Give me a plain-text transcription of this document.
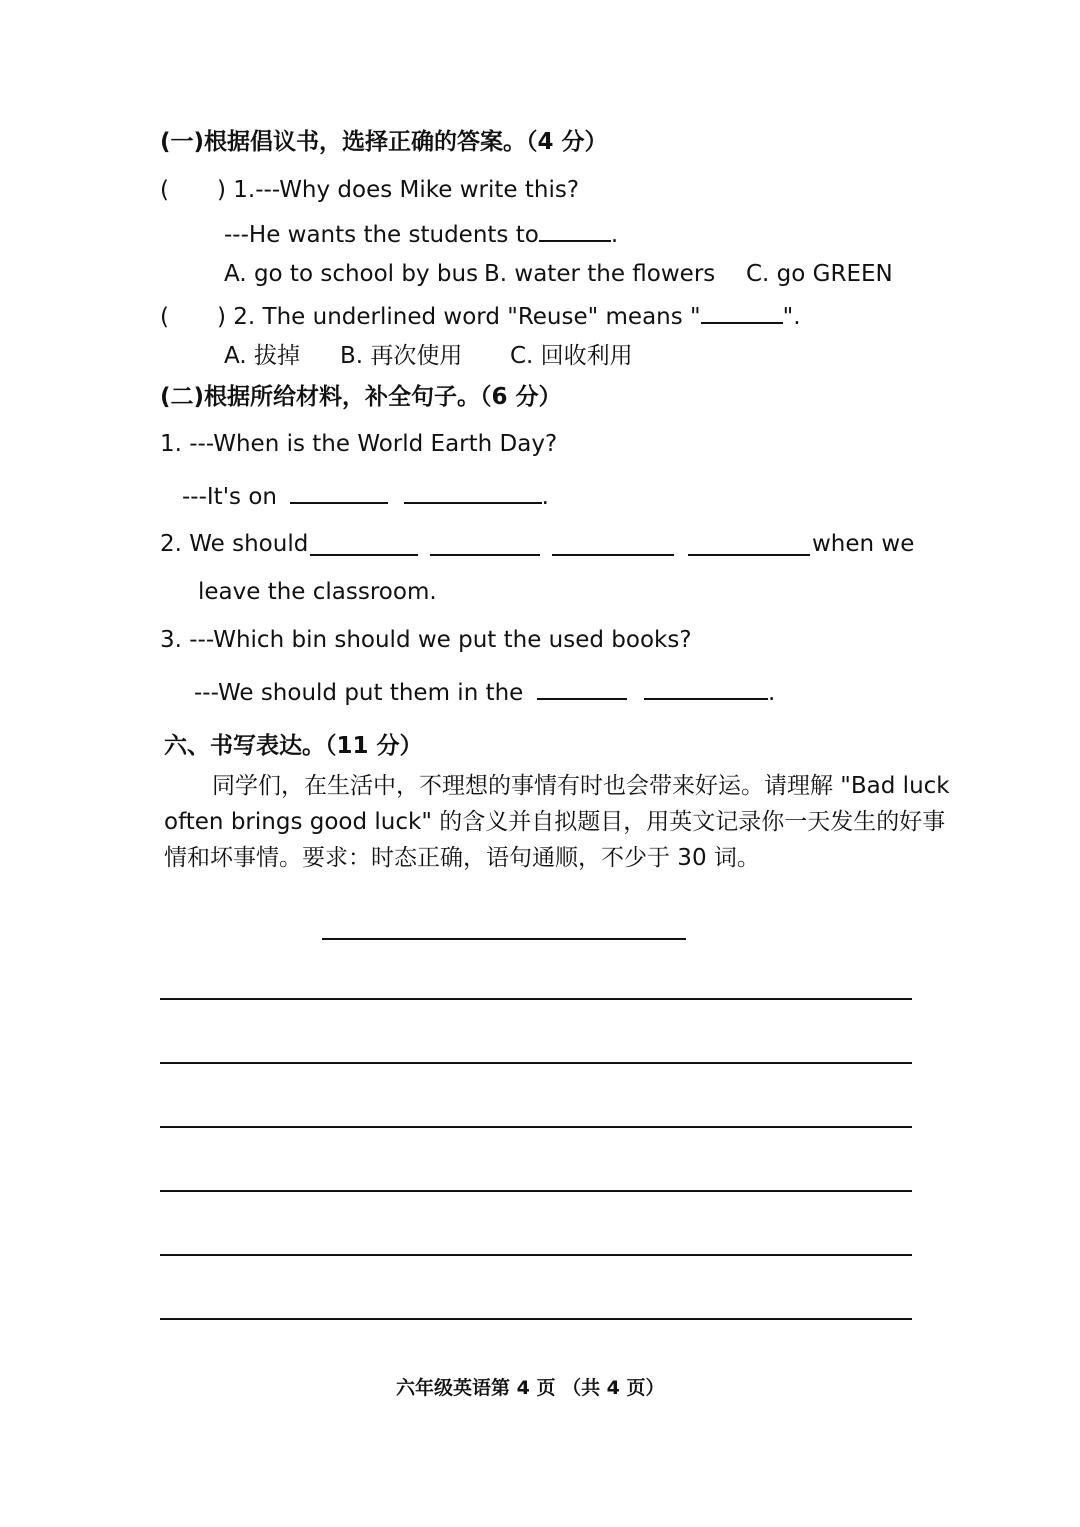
(一)根据倡议书，选择正确的答案。（4 分）
( ) 1.---Why does Mike write this?
---He wants the students to	.
A. go to school by bus B. water the flowers C. go GREEN
( ) 2. The underlined word "Reuse" means "	".
A. 拔掉 B. 再次使用 C. 回收利用
(二)根据所给材料，补全句子。（6 分）
1. ---When is the World Earth Day?
---It's on	.
2. We should	when we
leave the classroom.
3. ---Which bin should we put the used books?
---We should put them in the	.
六、书写表达。（11 分）
同学们，在生活中，不理想的事情有时也会带来好运。请理解 "Bad luck
often brings good luck" 的含义并自拟题目，用英文记录你一天发生的好事
情和坏事情。要求：时态正确，语句通顺，不少于 30 词。
六年级英语第 4 页 （共 4 页）
